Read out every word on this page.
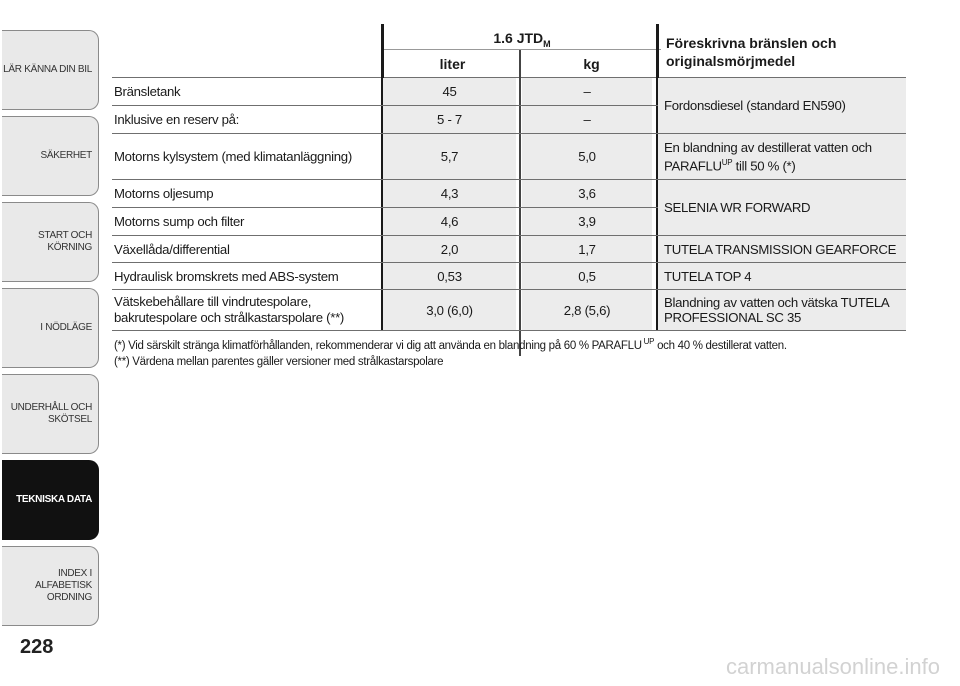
LÄR KÄNNA DIN BIL
SÄKERHET
START OCH
KÖRNING
I NÖDLÄGE
UNDERHÅLL OCH
SKÖTSEL
TEKNISKA DATA
INDEX I ALFABETISK
ORDNING
228
1.6 $JTD_M$
liter	kg
Föreskrivna bränslen och originalsmörjmedel
Bränsletank	45	–
Inklusive en reserv på:	5 - 7	–
Fordonsdiesel (standard EN590)
Motorns kylsystem (med klimatanläggning)	5,7	5,0
En blandning av destillerat vatten och
$PARAFLU^{UP}$ till 50 % (*)
Motorns oljesump	4,3	3,6
Motorns sump och filter	4,6	3,9
SELENIA WR FORWARD
Växellåda/differential	2,0	1,7	TUTELA TRANSMISSION GEARFORCE
Hydraulisk bromskrets med ABS-system	0,53	0,5	TUTELA TOP 4
Vätskebehållare till vindrutespolare,
bakrutespolare och strålkastarspolare (**)	3,0 (6,0)	2,8 (5,6)	Blandning av vatten och vätska TUTELA
PROFESSIONAL SC 35
(*) Vid särskilt stränga klimatförhållanden, rekommenderar vi dig att använda en blandning på 60 % PARAFLU $^{UP}$ och 40 % destillerat vatten.
(**) Värdena mellan parentes gäller versioner med strålkastarspolare
carmanualsonline.info
